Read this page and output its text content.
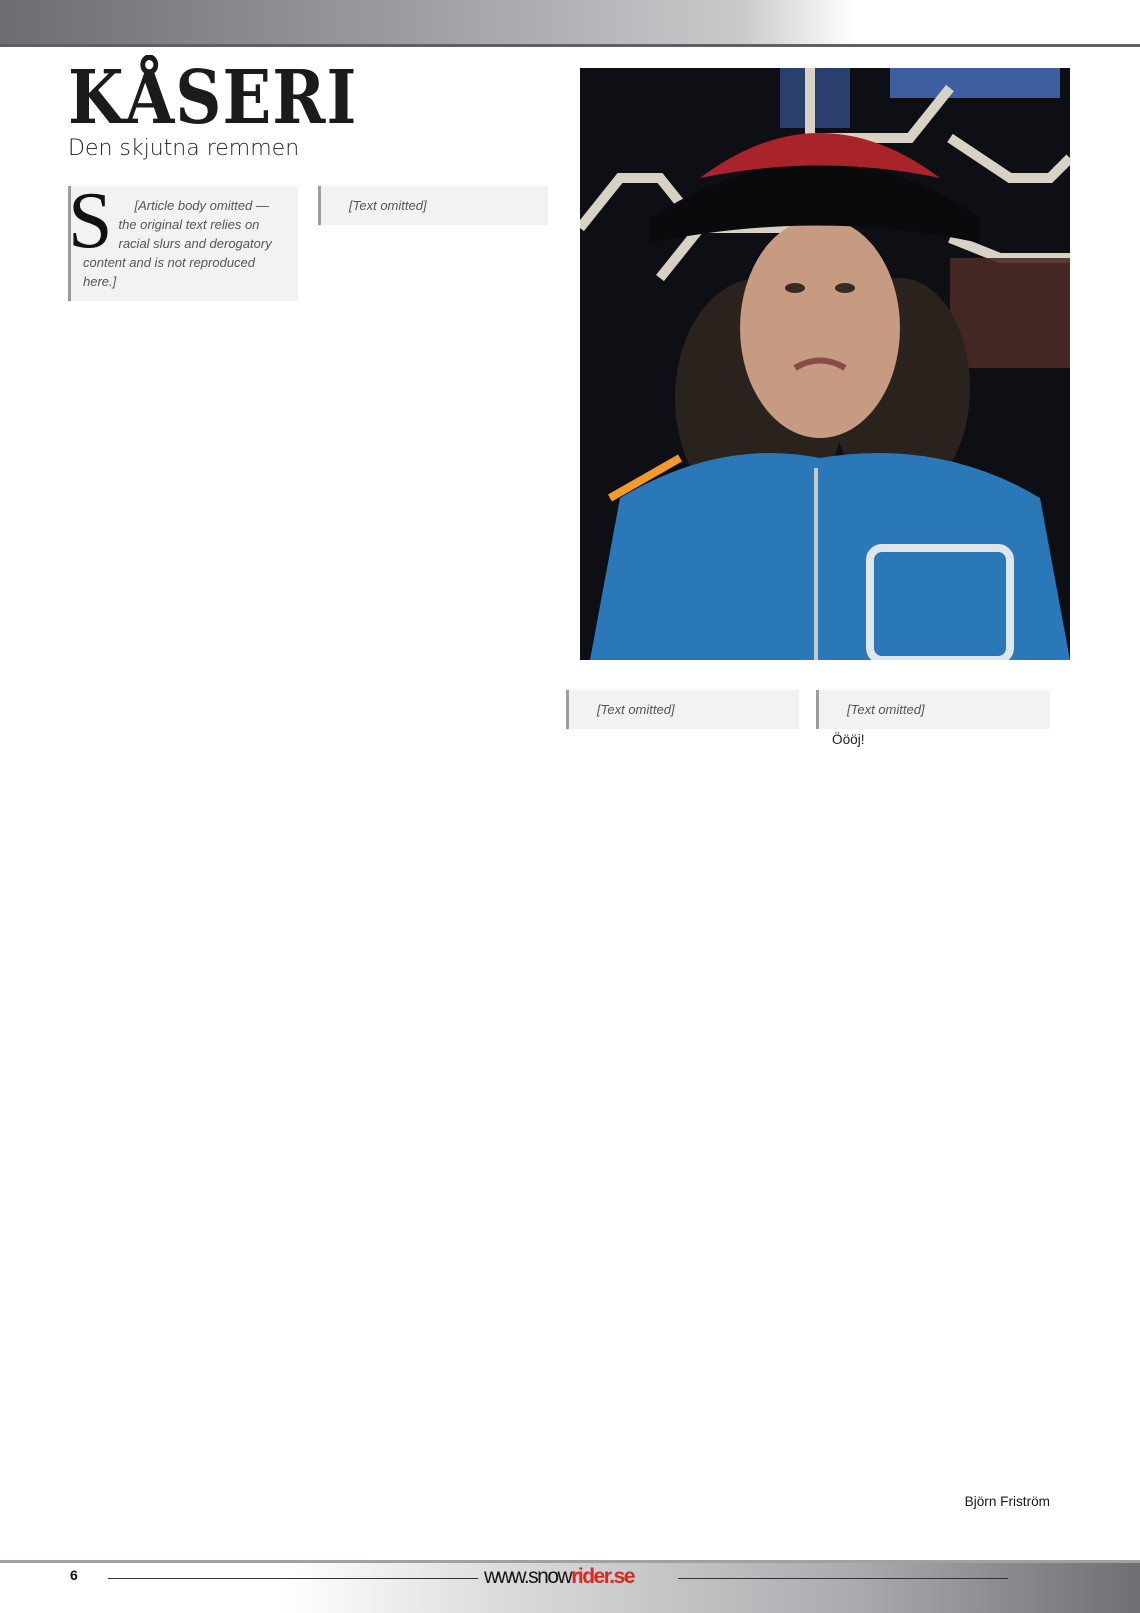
KÅSERI
Den skjutna remmen
S	[Article body omitted — the original text relies on racial slurs and derogatory content and is not reproduced here.]

[Text omitted]

[Text omitted]	[Text omitted]

Öööj!

Björn Friström
6	www.snowrider.se
